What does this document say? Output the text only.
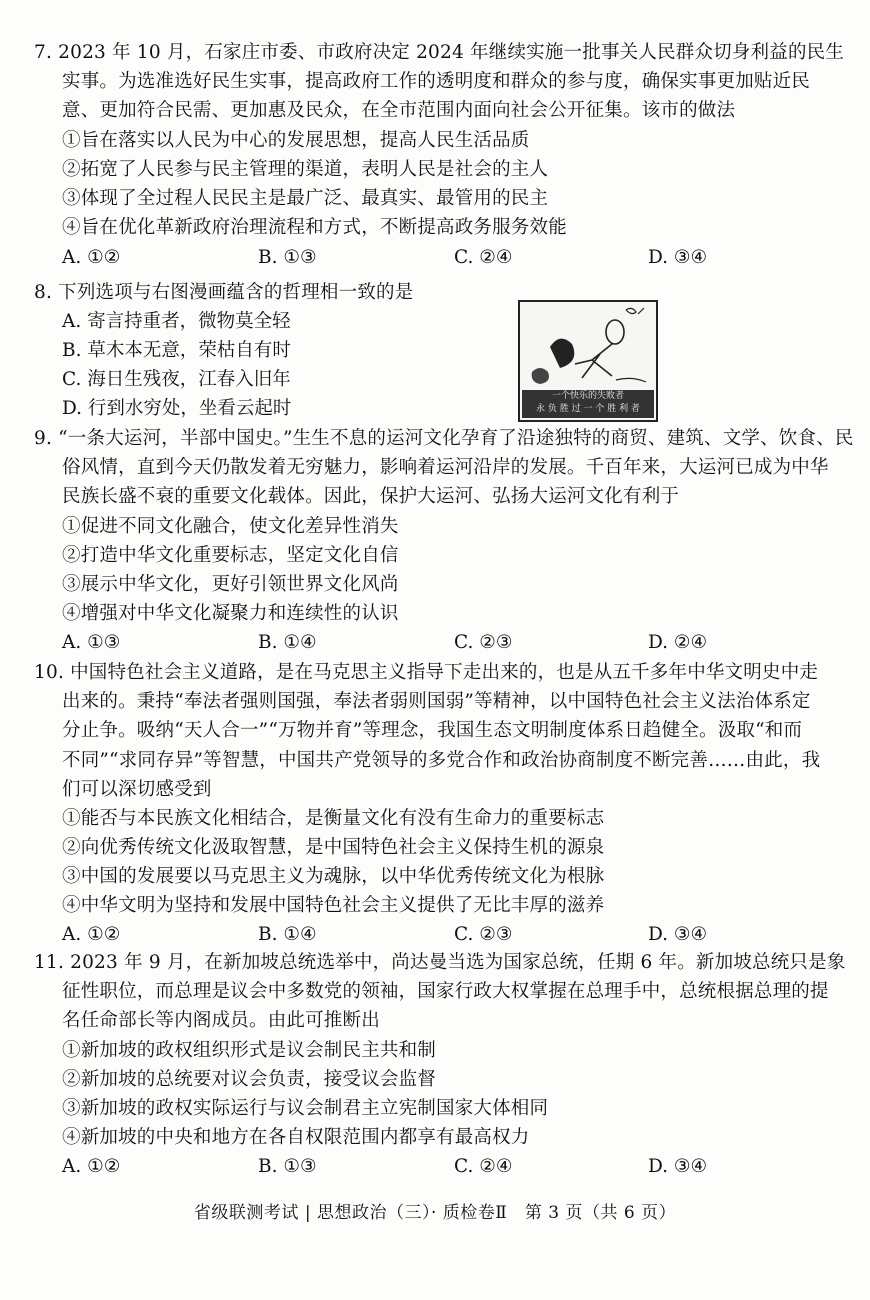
7. 2023 年 10 月，石家庄市委、市政府决定 2024 年继续实施一批事关人民群众切身利益的民生
实事。为选准选好民生实事，提高政府工作的透明度和群众的参与度，确保实事更加贴近民
意、更加符合民需、更加惠及民众，在全市范围内面向社会公开征集。该市的做法
①旨在落实以人民为中心的发展思想，提高人民生活品质
②拓宽了人民参与民主管理的渠道，表明人民是社会的主人
③体现了全过程人民民主是最广泛、最真实、最管用的民主
④旨在优化革新政府治理流程和方式，不断提高政务服务效能
A. ①②	B. ①③	C. ②④	D. ③④
8. 下列选项与右图漫画蕴含的哲理相一致的是
A. 寄言持重者，微物莫全轻
B. 草木本无意，荣枯自有时
C. 海日生残夜，江春入旧年
D. 行到水穷处，坐看云起时
一个快乐的失败者
永 负 胜 过 一 个 胜 利 者
9. “一条大运河，半部中国史。”生生不息的运河文化孕育了沿途独特的商贸、建筑、文学、饮食、民
俗风情，直到今天仍散发着无穷魅力，影响着运河沿岸的发展。千百年来，大运河已成为中华
民族长盛不衰的重要文化载体。因此，保护大运河、弘扬大运河文化有利于
①促进不同文化融合，使文化差异性消失
②打造中华文化重要标志，坚定文化自信
③展示中华文化，更好引领世界文化风尚
④增强对中华文化凝聚力和连续性的认识
A. ①③	B. ①④	C. ②③	D. ②④
10. 中国特色社会主义道路，是在马克思主义指导下走出来的，也是从五千多年中华文明史中走
出来的。秉持“奉法者强则国强，奉法者弱则国弱”等精神，以中国特色社会主义法治体系定
分止争。吸纳“天人合一”“万物并育”等理念，我国生态文明制度体系日趋健全。汲取“和而
不同”“求同存异”等智慧，中国共产党领导的多党合作和政治协商制度不断完善……由此，我
们可以深切感受到
①能否与本民族文化相结合，是衡量文化有没有生命力的重要标志
②向优秀传统文化汲取智慧，是中国特色社会主义保持生机的源泉
③中国的发展要以马克思主义为魂脉，以中华优秀传统文化为根脉
④中华文明为坚持和发展中国特色社会主义提供了无比丰厚的滋养
A. ①②	B. ①④	C. ②③	D. ③④
11. 2023 年 9 月，在新加坡总统选举中，尚达曼当选为国家总统，任期 6 年。新加坡总统只是象
征性职位，而总理是议会中多数党的领袖，国家行政大权掌握在总理手中，总统根据总理的提
名任命部长等内阁成员。由此可推断出
①新加坡的政权组织形式是议会制民主共和制
②新加坡的总统要对议会负责，接受议会监督
③新加坡的政权实际运行与议会制君主立宪制国家大体相同
④新加坡的中央和地方在各自权限范围内都享有最高权力
A. ①②	B. ①③	C. ②④	D. ③④
省级联测考试 | 思想政治（三）· 质检卷Ⅱ　第 3 页（共 6 页）
